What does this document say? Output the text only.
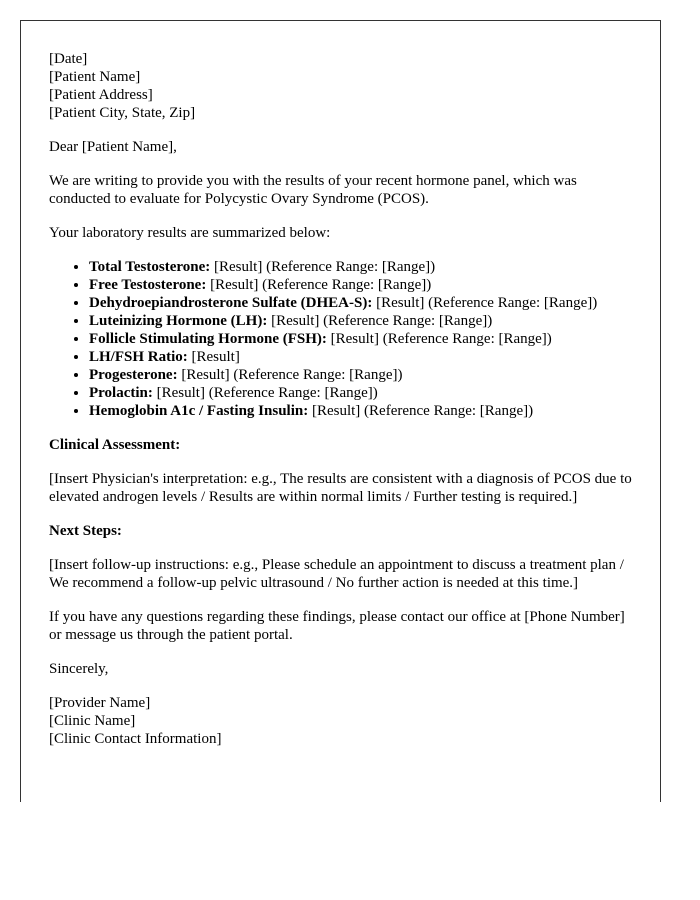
[Date]
[Patient Name]
[Patient Address]
[Patient City, State, Zip]

Dear [Patient Name],

We are writing to provide you with the results of your recent hormone panel, which was conducted to evaluate for Polycystic Ovary Syndrome (PCOS).

Your laboratory results are summarized below:

• Total Testosterone: [Result] (Reference Range: [Range])
• Free Testosterone: [Result] (Reference Range: [Range])
• Dehydroepiandrosterone Sulfate (DHEA-S): [Result] (Reference Range: [Range])
• Luteinizing Hormone (LH): [Result] (Reference Range: [Range])
• Follicle Stimulating Hormone (FSH): [Result] (Reference Range: [Range])
• LH/FSH Ratio: [Result]
• Progesterone: [Result] (Reference Range: [Range])
• Prolactin: [Result] (Reference Range: [Range])
• Hemoglobin A1c / Fasting Insulin: [Result] (Reference Range: [Range])

Clinical Assessment:

[Insert Physician's interpretation: e.g., The results are consistent with a diagnosis of PCOS due to elevated androgen levels / Results are within normal limits / Further testing is required.]

Next Steps:

[Insert follow-up instructions: e.g., Please schedule an appointment to discuss a treatment plan / We recommend a follow-up pelvic ultrasound / No further action is needed at this time.]

If you have any questions regarding these findings, please contact our office at [Phone Number] or message us through the patient portal.

Sincerely,

[Provider Name]
[Clinic Name]
[Clinic Contact Information]
